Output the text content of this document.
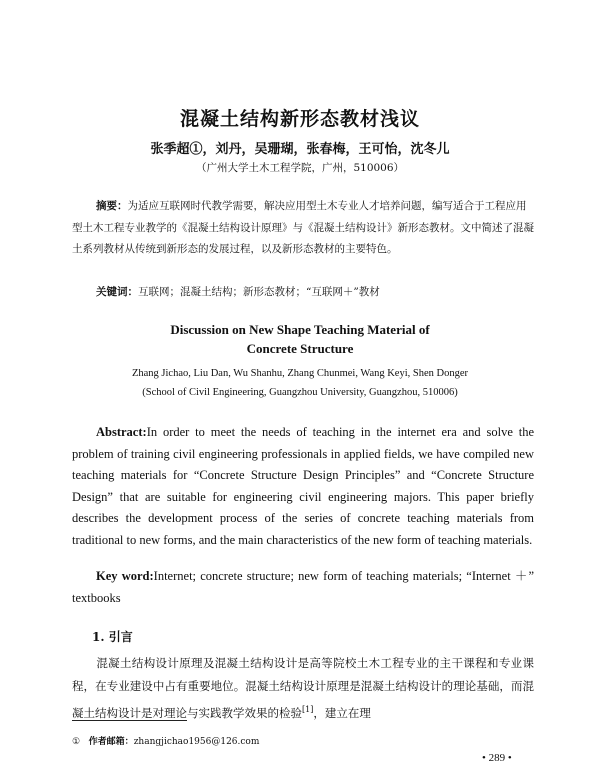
混凝土结构新形态教材浅议
张季超①，刘丹，吴珊瑚，张春梅，王可怡，沈冬儿
（广州大学土木工程学院，广州，510006）
摘要：为适应互联网时代教学需要，解决应用型土木专业人才培养问题，编写适合于工程应用型土木工程专业教学的《混凝土结构设计原理》与《混凝土结构设计》新形态教材。文中简述了混凝土系列教材从传统到新形态的发展过程，以及新形态教材的主要特色。
关键词：互联网；混凝土结构；新形态教材；“互联网＋”教材
Discussion on New Shape Teaching Material of
Concrete Structure
Zhang Jichao, Liu Dan, Wu Shanhu, Zhang Chunmei, Wang Keyi, Shen Donger
(School of Civil Engineering, Guangzhou University, Guangzhou, 510006)
Abstract:In order to meet the needs of teaching in the internet era and solve the problem of training civil engineering professionals in applied fields, we have compiled new teaching materials for “Concrete Structure Design Principles” and “Concrete Structure Design” that are suitable for engineering civil engineering majors. This paper briefly describes the development process of the series of concrete teaching materials from traditional to new forms, and the main characteristics of the new form of teaching materials.
Key word:Internet; concrete structure; new form of teaching materials; “Internet ＋” textbooks
1. 引言
混凝土结构设计原理及混凝土结构设计是高等院校土木工程专业的主干课程和专业课程，在专业建设中占有重要地位。混凝土结构设计原理是混凝土结构设计的理论基础，而混凝土结构设计是对理论与实践教学效果的检验[1]，建立在理
① 作者邮箱：zhangjichao1956@126.com
• 289 •
